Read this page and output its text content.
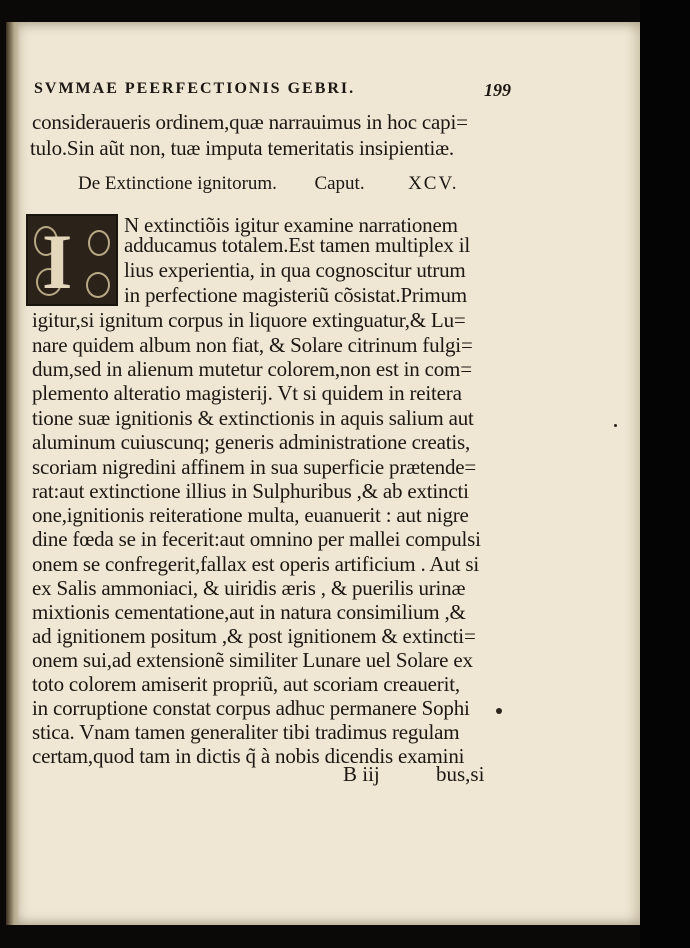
SVMMAE PEERFECTIONIS GEBRI.	199
consideraueris ordinem,quæ narrauimus in hoc capi=
tulo.Sin aũt non, tuæ imputa temeritatis insipientiæ.
De Extinctione ignitorum. Caput. XCV.
I N extinctiõis igitur examine narrationem
adducamus totalem.Est tamen multiplex il
lius experientia, in qua cognoscitur utrum
in perfectione magisteriũ cõsistat.Primum
igitur,si ignitum corpus in liquore extinguatur,& Lu=
nare quidem album non fiat, & Solare citrinum fulgi=
dum,sed in alienum mutetur colorem,non est in com=
plemento alteratio magisterij. Vt si quidem in reitera
tione suæ ignitionis & extinctionis in aquis salium aut
aluminum cuiuscunq; generis administratione creatis,
scoriam nigredini affinem in sua superficie prætende=
rat:aut extinctione illius in Sulphuribus ,& ab extincti
one,ignitionis reiteratione multa, euanuerit : aut nigre
dine fœda se in fecerit:aut omnino per mallei compulsi
onem se confregerit,fallax est operis artificium . Aut si
ex Salis ammoniaci, & uiridis æris , & puerilis urinæ
mixtionis cementatione,aut in natura consimilium ,&
ad ignitionem positum ,& post ignitionem & extincti=
onem sui,ad extensionẽ similiter Lunare uel Solare ex
toto colorem amiserit propriũ, aut scoriam creauerit,
in corruptione constat corpus adhuc permanere Sophi
stica. Vnam tamen generaliter tibi tradimus regulam
certam,quod tam in dictis q̃ à nobis dicendis examini
B iij	bus,si
